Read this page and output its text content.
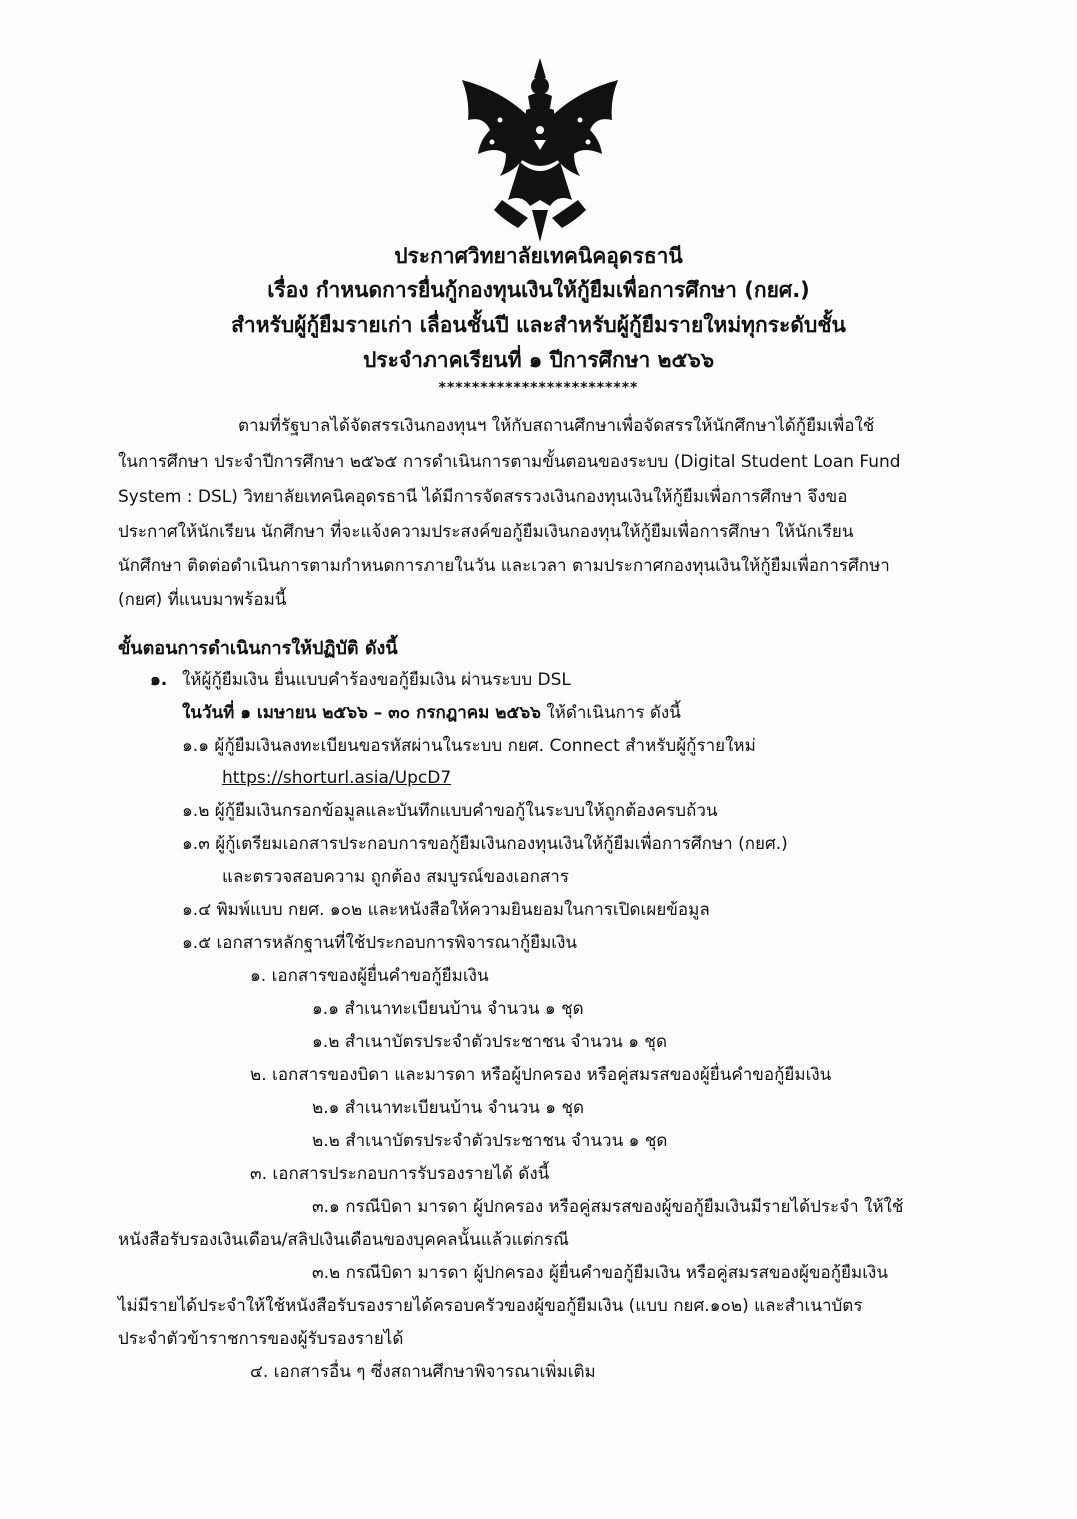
ประกาศวิทยาลัยเทคนิคอุดรธานี
เรื่อง กำหนดการยื่นกู้กองทุนเงินให้กู้ยืมเพื่อการศึกษา (กยศ.)
สำหรับผู้กู้ยืมรายเก่า เลื่อนชั้นปี และสำหรับผู้กู้ยืมรายใหม่ทุกระดับชั้น
ประจำภาคเรียนที่ ๑ ปีการศึกษา ๒๕๖๖
************************
ตามที่รัฐบาลได้จัดสรรเงินกองทุนฯ ให้กับสถานศึกษาเพื่อจัดสรรให้นักศึกษาได้กู้ยืมเพื่อใช้
ในการศึกษา ประจำปีการศึกษา ๒๕๖๕ การดำเนินการตามขั้นตอนของระบบ (Digital Student Loan Fund
System : DSL) วิทยาลัยเทคนิคอุดรธานี ได้มีการจัดสรรวงเงินกองทุนเงินให้กู้ยืมเพื่อการศึกษา จึงขอ
ประกาศให้นักเรียน นักศึกษา ที่จะแจ้งความประสงค์ขอกู้ยืมเงินกองทุนให้กู้ยืมเพื่อการศึกษา ให้นักเรียน
นักศึกษา ติดต่อดำเนินการตามกำหนดการภายในวัน และเวลา ตามประกาศกองทุนเงินให้กู้ยืมเพื่อการศึกษา
(กยศ) ที่แนบมาพร้อมนี้
ขั้นตอนการดำเนินการให้ปฏิบัติ ดังนี้
๑. ให้ผู้กู้ยืมเงิน ยื่นแบบคำร้องขอกู้ยืมเงิน ผ่านระบบ DSL
ในวันที่ ๑ เมษายน ๒๕๖๖ – ๓๐ กรกฎาคม ๒๕๖๖ ให้ดำเนินการ ดังนี้
๑.๑ ผู้กู้ยืมเงินลงทะเบียนขอรหัสผ่านในระบบ กยศ. Connect สำหรับผู้กู้รายใหม่
https://shorturl.asia/UpcD7
๑.๒ ผู้กู้ยืมเงินกรอกข้อมูลและบันทึกแบบคำขอกู้ในระบบให้ถูกต้องครบถ้วน
๑.๓ ผู้กู้เตรียมเอกสารประกอบการขอกู้ยืมเงินกองทุนเงินให้กู้ยืมเพื่อการศึกษา (กยศ.)
และตรวจสอบความ ถูกต้อง สมบูรณ์ของเอกสาร
๑.๔ พิมพ์แบบ กยศ. ๑๐๒ และหนังสือให้ความยินยอมในการเปิดเผยข้อมูล
๑.๕ เอกสารหลักฐานที่ใช้ประกอบการพิจารณากู้ยืมเงิน
๑. เอกสารของผู้ยื่นคำขอกู้ยืมเงิน
๑.๑ สำเนาทะเบียนบ้าน จำนวน ๑ ชุด
๑.๒ สำเนาบัตรประจำตัวประชาชน จำนวน ๑ ชุด
๒. เอกสารของบิดา และมารดา หรือผู้ปกครอง หรือคู่สมรสของผู้ยื่นคำขอกู้ยืมเงิน
๒.๑ สำเนาทะเบียนบ้าน จำนวน ๑ ชุด
๒.๒ สำเนาบัตรประจำตัวประชาชน จำนวน ๑ ชุด
๓. เอกสารประกอบการรับรองรายได้ ดังนี้
๓.๑ กรณีบิดา มารดา ผู้ปกครอง หรือคู่สมรสของผู้ขอกู้ยืมเงินมีรายได้ประจำ ให้ใช้
หนังสือรับรองเงินเดือน/สลิปเงินเดือนของบุคคลนั้นแล้วแต่กรณี
๓.๒ กรณีบิดา มารดา ผู้ปกครอง ผู้ยื่นคำขอกู้ยืมเงิน หรือคู่สมรสของผู้ขอกู้ยืมเงิน
ไม่มีรายได้ประจำให้ใช้หนังสือรับรองรายได้ครอบครัวของผู้ขอกู้ยืมเงิน (แบบ กยศ.๑๐๒) และสำเนาบัตร
ประจำตัวข้าราชการของผู้รับรองรายได้
๔. เอกสารอื่น ๆ ซึ่งสถานศึกษาพิจารณาเพิ่มเติม
